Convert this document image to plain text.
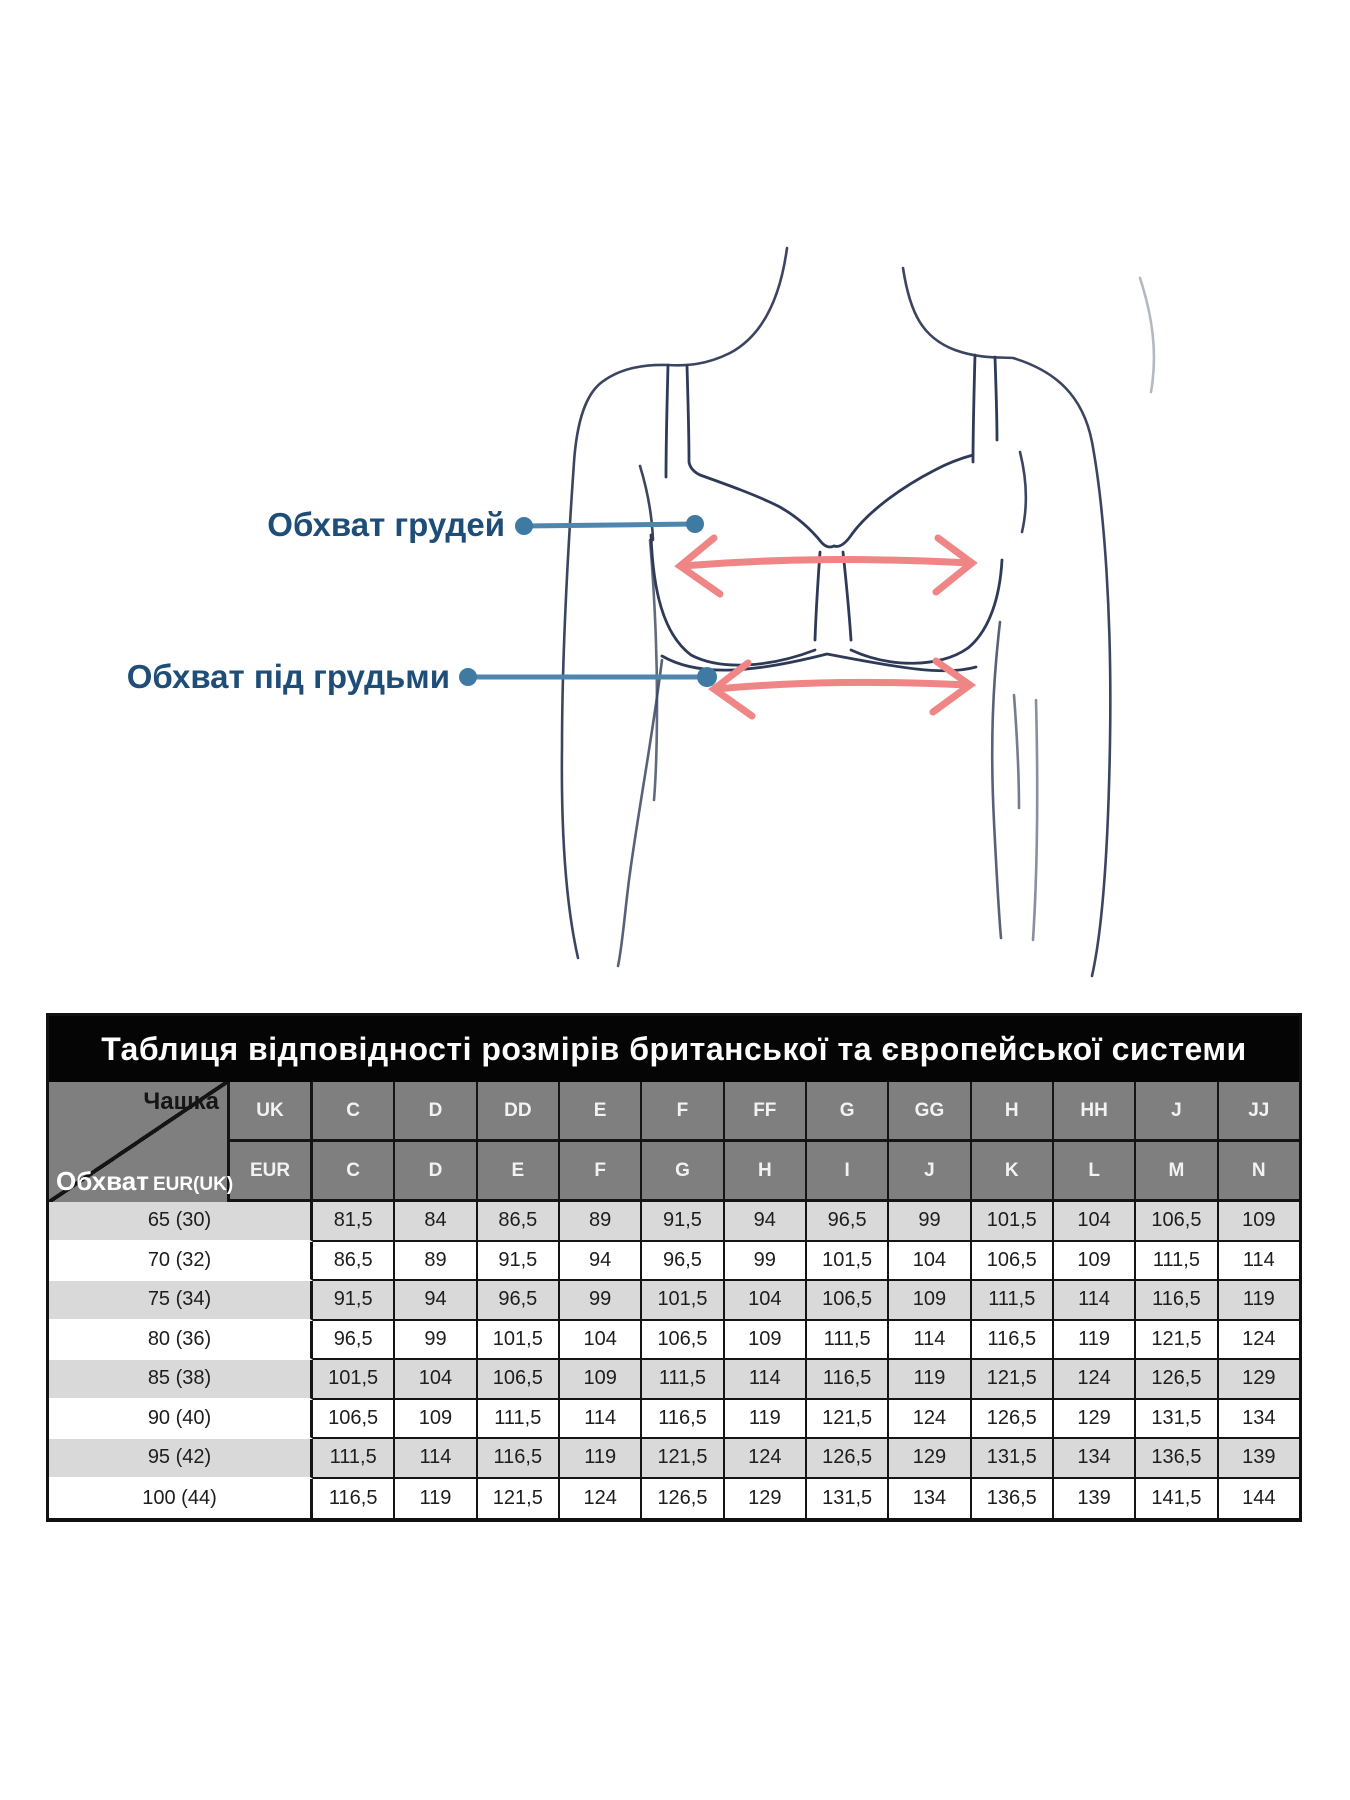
Обхват грудей
Обхват під грудьми
Таблиця відповідності розмірів британської та європейської системи
Чашка
Обхват EUR(UK)
UK	C	D	DD	E	F	FF	G	GG	H	HH	J	JJ
EUR	C	D	E	F	G	H	I	J	K	L	M	N
65 (30)	81,5	84	86,5	89	91,5	94	96,5	99	101,5	104	106,5	109
70 (32)	86,5	89	91,5	94	96,5	99	101,5	104	106,5	109	111,5	114
75 (34)	91,5	94	96,5	99	101,5	104	106,5	109	111,5	114	116,5	119
80 (36)	96,5	99	101,5	104	106,5	109	111,5	114	116,5	119	121,5	124
85 (38)	101,5	104	106,5	109	111,5	114	116,5	119	121,5	124	126,5	129
90 (40)	106,5	109	111,5	114	116,5	119	121,5	124	126,5	129	131,5	134
95 (42)	111,5	114	116,5	119	121,5	124	126,5	129	131,5	134	136,5	139
100 (44)	116,5	119	121,5	124	126,5	129	131,5	134	136,5	139	141,5	144
